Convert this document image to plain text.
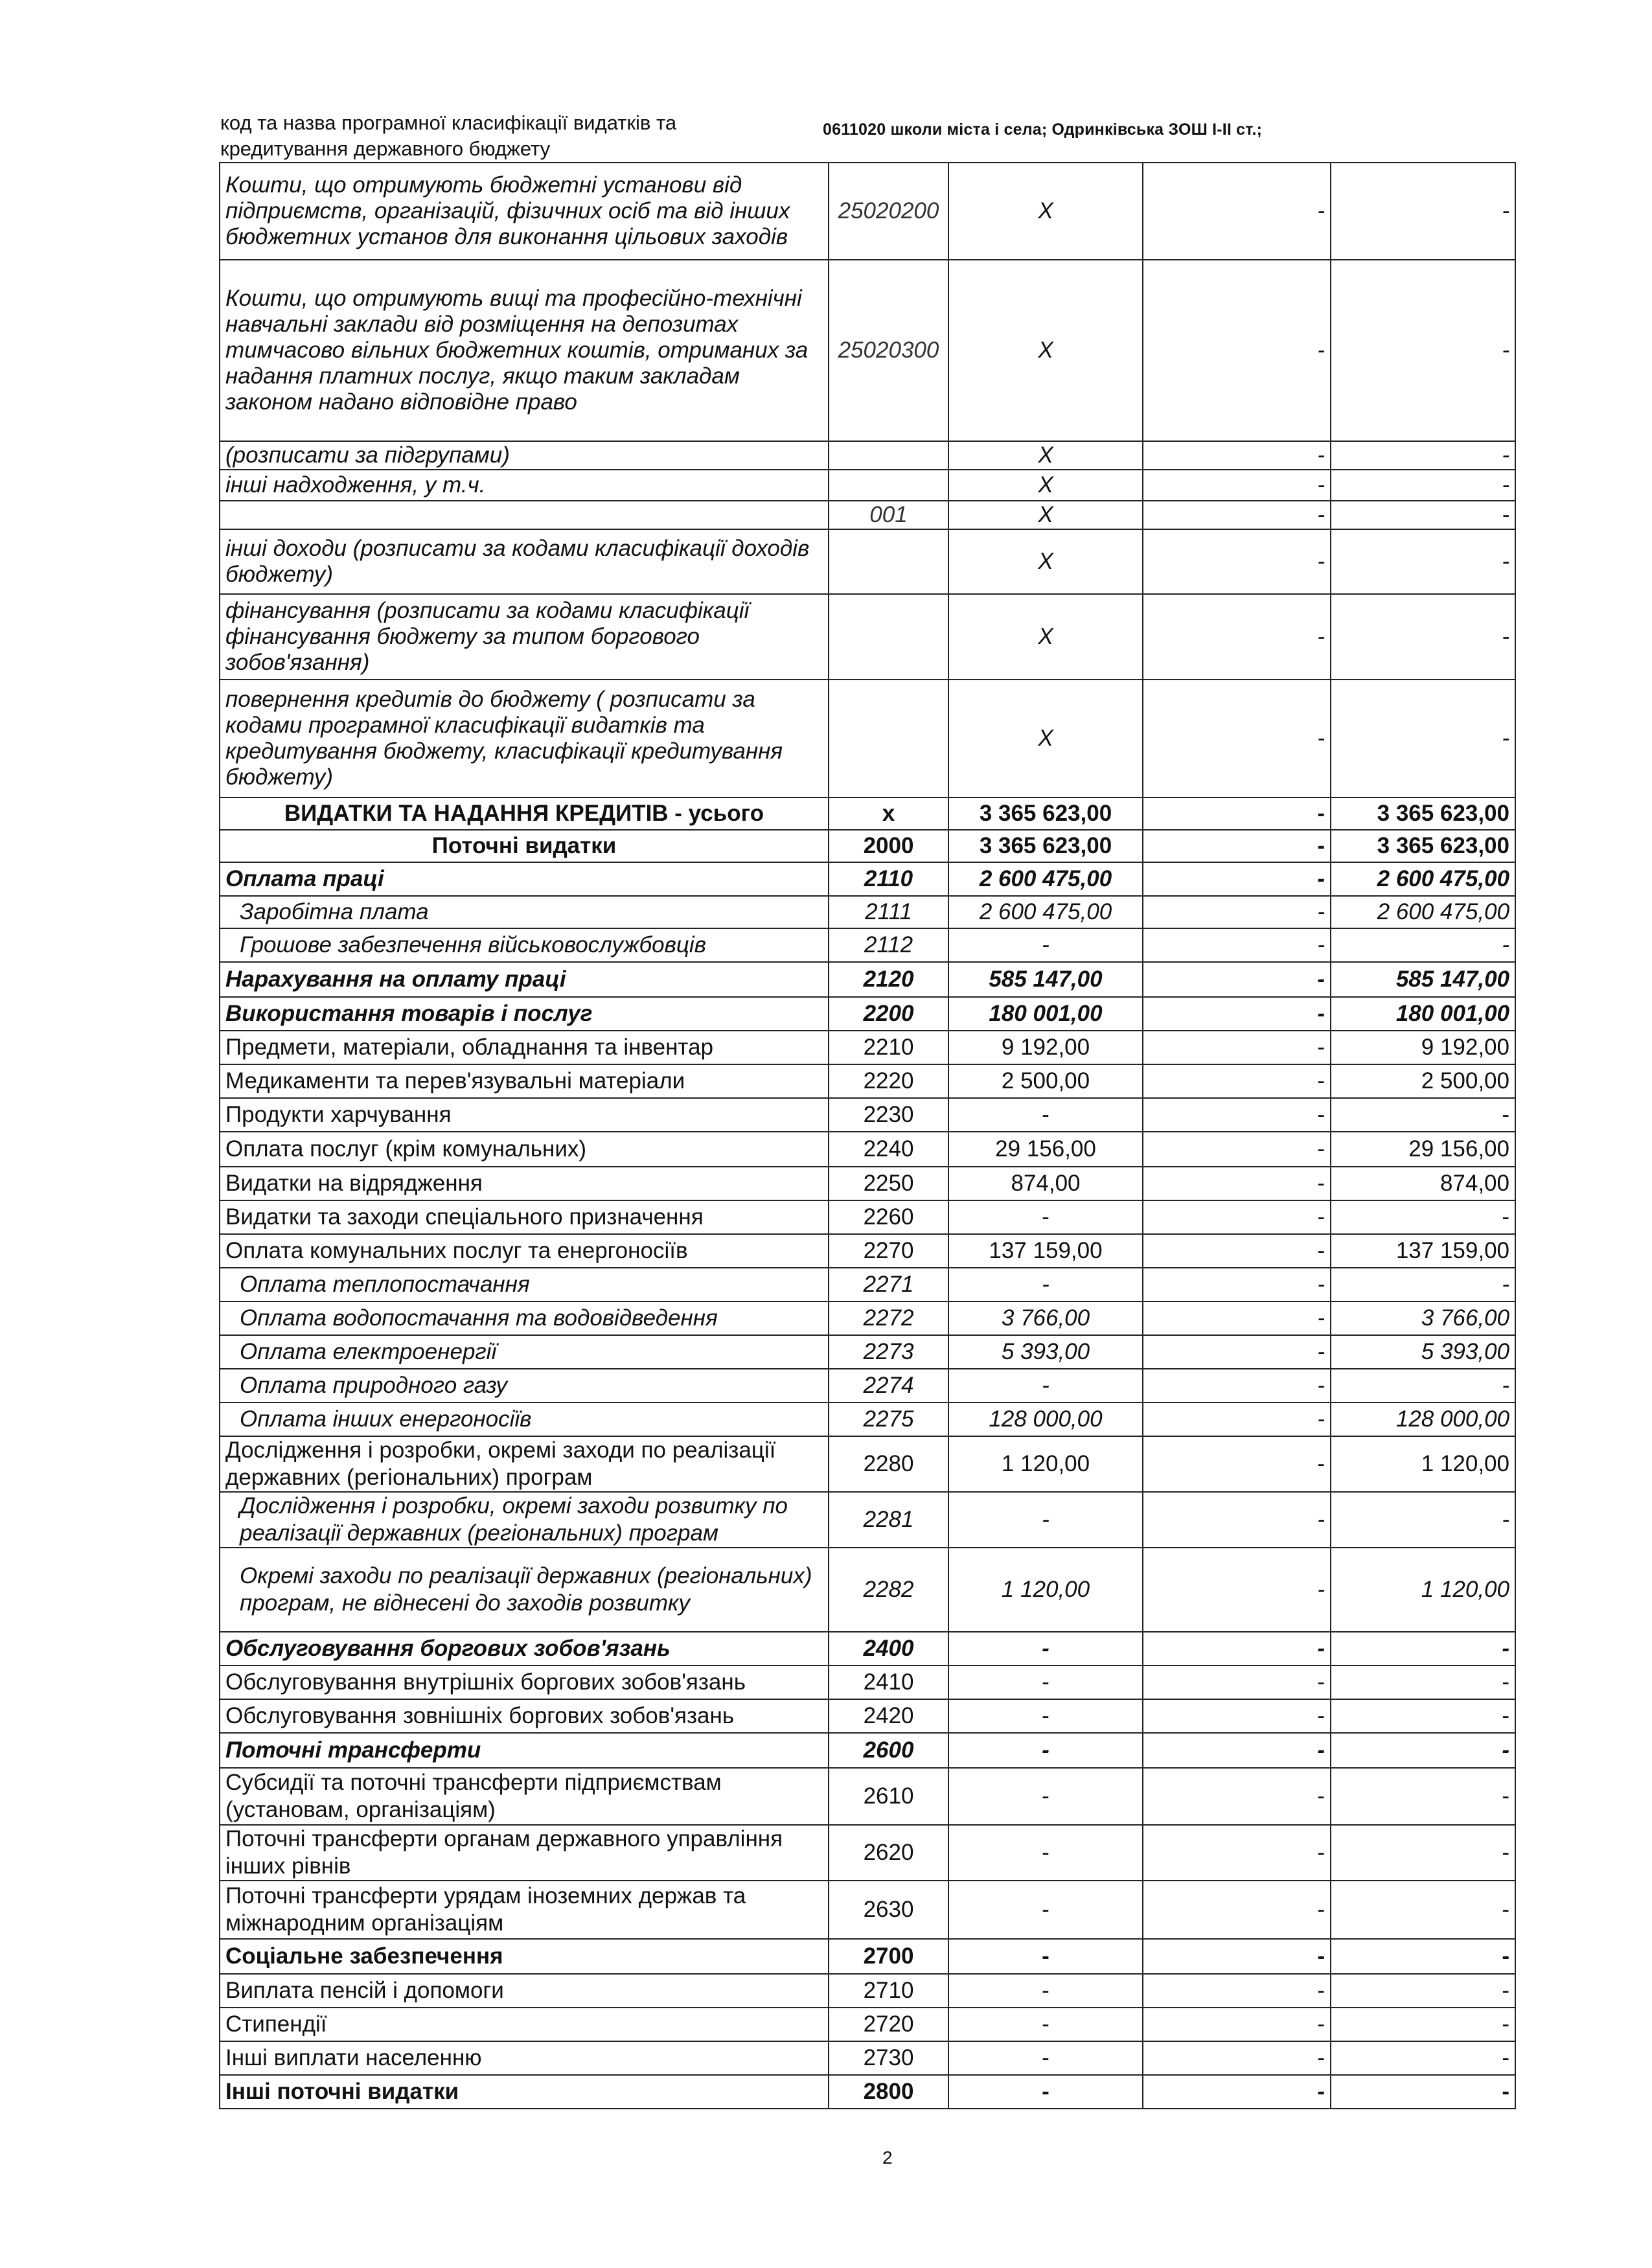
код та назва програмної класифікації видатків та кредитування державного бюджету
0611020 школи міста і села; Одринківська ЗОШ І-ІІ ст.;
Кошти, що отримують бюджетні установи від підприємств, організацій, фізичних осіб та від інших бюджетних установ для виконання цільових заходів	25020200	X	-	-
Кошти, що отримують вищі та професійно-технічні навчальні заклади від розміщення на депозитах тимчасово вільних бюджетних коштів, отриманих за надання платних послуг, якщо таким закладам законом надано відповідне право	25020300	X	-	-
(розписати за підгрупами)		X	-	-
інші надходження, у т.ч.		X	-	-
	001	X	-	-
інші доходи (розписати за кодами класифікації доходів бюджету)		X	-	-
фінансування (розписати за кодами класифікації фінансування бюджету за типом боргового зобов'язання)		X	-	-
повернення кредитів до бюджету ( розписати за кодами програмної класифікації видатків та кредитування бюджету, класифікації кредитування бюджету)		X	-	-
ВИДАТКИ ТА НАДАННЯ КРЕДИТІВ - усього	x	3 365 623,00	-	3 365 623,00
Поточні видатки	2000	3 365 623,00	-	3 365 623,00
Оплата праці	2110	2 600 475,00	-	2 600 475,00
Заробітна плата	2111	2 600 475,00	-	2 600 475,00
Грошове забезпечення військовослужбовців	2112	-	-	-
Нарахування на оплату праці	2120	585 147,00	-	585 147,00
Використання товарів і послуг	2200	180 001,00	-	180 001,00
Предмети, матеріали, обладнання та інвентар	2210	9 192,00	-	9 192,00
Медикаменти та перев'язувальні матеріали	2220	2 500,00	-	2 500,00
Продукти харчування	2230	-	-	-
Оплата послуг (крім комунальних)	2240	29 156,00	-	29 156,00
Видатки на відрядження	2250	874,00	-	874,00
Видатки та заходи спеціального призначення	2260	-	-	-
Оплата комунальних послуг та енергоносіїв	2270	137 159,00	-	137 159,00
Оплата теплопостачання	2271	-	-	-
Оплата водопостачання та водовідведення	2272	3 766,00	-	3 766,00
Оплата електроенергії	2273	5 393,00	-	5 393,00
Оплата природного газу	2274	-	-	-
Оплата інших енергоносіїв	2275	128 000,00	-	128 000,00
Дослідження і розробки, окремі заходи по реалізації державних (регіональних) програм	2280	1 120,00	-	1 120,00
Дослідження і розробки, окремі заходи розвитку по реалізації державних (регіональних) програм	2281	-	-	-
Окремі заходи по реалізації державних (регіональних) програм, не віднесені до заходів розвитку	2282	1 120,00	-	1 120,00
Обслуговування боргових зобов'язань	2400	-	-	-
Обслуговування внутрішніх боргових зобов'язань	2410	-	-	-
Обслуговування зовнішніх боргових зобов'язань	2420	-	-	-
Поточні трансферти	2600	-	-	-
Субсидії та поточні трансферти підприємствам (установам, організаціям)	2610	-	-	-
Поточні трансферти органам державного управління інших рівнів	2620	-	-	-
Поточні трансферти урядам іноземних держав та міжнародним організаціям	2630	-	-	-
Соціальне забезпечення	2700	-	-	-
Виплата пенсій і допомоги	2710	-	-	-
Стипендії	2720	-	-	-
Інші виплати населенню	2730	-	-	-
Інші поточні видатки	2800	-	-	-
2
